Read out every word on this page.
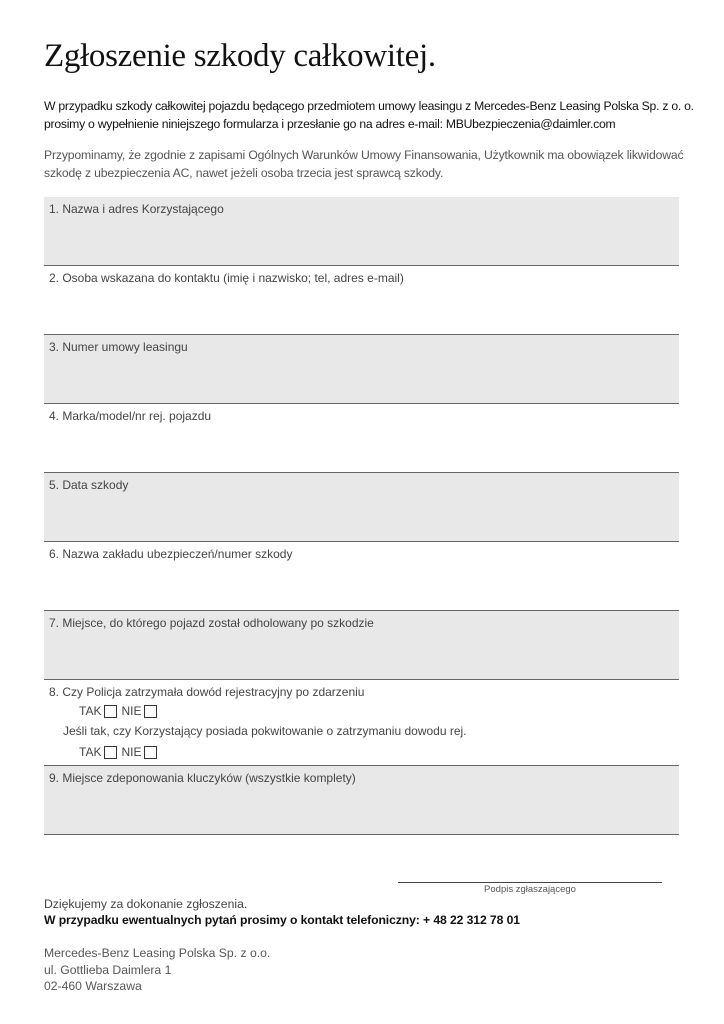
Zgłoszenie szkody całkowitej.
W przypadku szkody całkowitej pojazdu będącego przedmiotem umowy leasingu z Mercedes-Benz Leasing Polska Sp. z o. o.
prosimy o wypełnienie niniejszego formularza i przesłanie go na adres e-mail: MBUbezpieczenia@daimler.com
Przypominamy, że zgodnie z zapisami Ogólnych Warunków Umowy Finansowania, Użytkownik ma obowiązek likwidować
szkodę z ubezpieczenia AC, nawet jeżeli osoba trzecia jest sprawcą szkody.
1. Nazwa i adres Korzystającego
2. Osoba wskazana do kontaktu (imię i nazwisko; tel, adres e-mail)
3. Numer umowy leasingu
4. Marka/model/nr rej. pojazdu
5. Data szkody
6. Nazwa zakładu ubezpieczeń/numer szkody
7. Miejsce, do którego pojazd został odholowany po szkodzie
8. Czy Policja zatrzymała dowód rejestracyjny po zdarzeniu
TAK NIE
Jeśli tak, czy Korzystający posiada pokwitowanie o zatrzymaniu dowodu rej.
TAK NIE
9. Miejsce zdeponowania kluczyków (wszystkie komplety)
Podpis zgłaszającego
Dziękujemy za dokonanie zgłoszenia.
W przypadku ewentualnych pytań prosimy o kontakt telefoniczny: + 48 22 312 78 01
Mercedes-Benz Leasing Polska Sp. z o.o.
ul. Gottlieba Daimlera 1
02-460 Warszawa
